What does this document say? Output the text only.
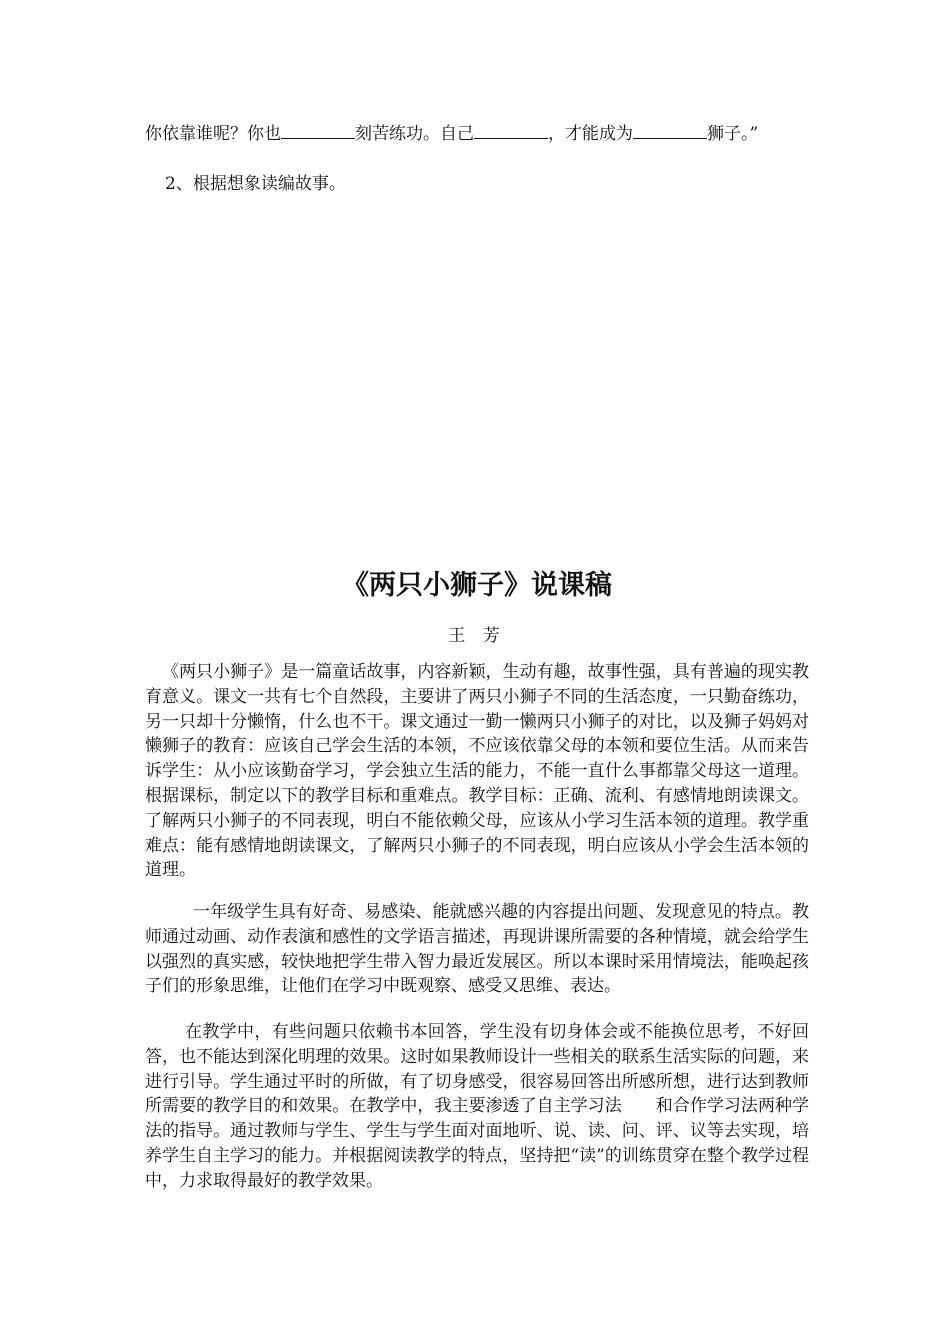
你依靠谁呢？你也	刻苦练功。自己	，才能成为	狮子。”
2、根据想象读编故事。
《两只小狮子》说课稿
王 芳
《两只小狮子》是一篇童话故事，内容新颖，生动有趣，故事性强，具有普遍的现实教育意义。课文一共有七个自然段，主要讲了两只小狮子不同的生活态度，一只勤奋练功，另一只却十分懒惰，什么也不干。课文通过一勤一懒两只小狮子的对比，以及狮子妈妈对懒狮子的教育：应该自己学会生活的本领，不应该依靠父母的本领和要位生活。从而来告诉学生：从小应该勤奋学习，学会独立生活的能力，不能一直什么事都靠父母这一道理。根据课标，制定以下的教学目标和重难点。教学目标：正确、流利、有感情地朗读课文。了解两只小狮子的不同表现，明白不能依赖父母，应该从小学习生活本领的道理。教学重难点：能有感情地朗读课文，了解两只小狮子的不同表现，明白应该从小学会生活本领的道理。
一年级学生具有好奇、易感染、能就感兴趣的内容提出问题、发现意见的特点。教师通过动画、动作表演和感性的文学语言描述，再现讲课所需要的各种情境，就会给学生以强烈的真实感，较快地把学生带入智力最近发展区。所以本课时采用情境法，能唤起孩子们的形象思维，让他们在学习中既观察、感受又思维、表达。
在教学中，有些问题只依赖书本回答，学生没有切身体会或不能换位思考，不好回答，也不能达到深化明理的效果。这时如果教师设计一些相关的联系生活实际的问题，来进行引导。学生通过平时的所做，有了切身感受，很容易回答出所感所想，进行达到教师所需要的教学目的和效果。在教学中，我主要渗透了自主学习法　　和合作学习法两种学法的指导。通过教师与学生、学生与学生面对面地听、说、读、问、评、议等去实现，培养学生自主学习的能力。并根据阅读教学的特点，坚持把“读”的训练贯穿在整个教学过程中，力求取得最好的教学效果。
